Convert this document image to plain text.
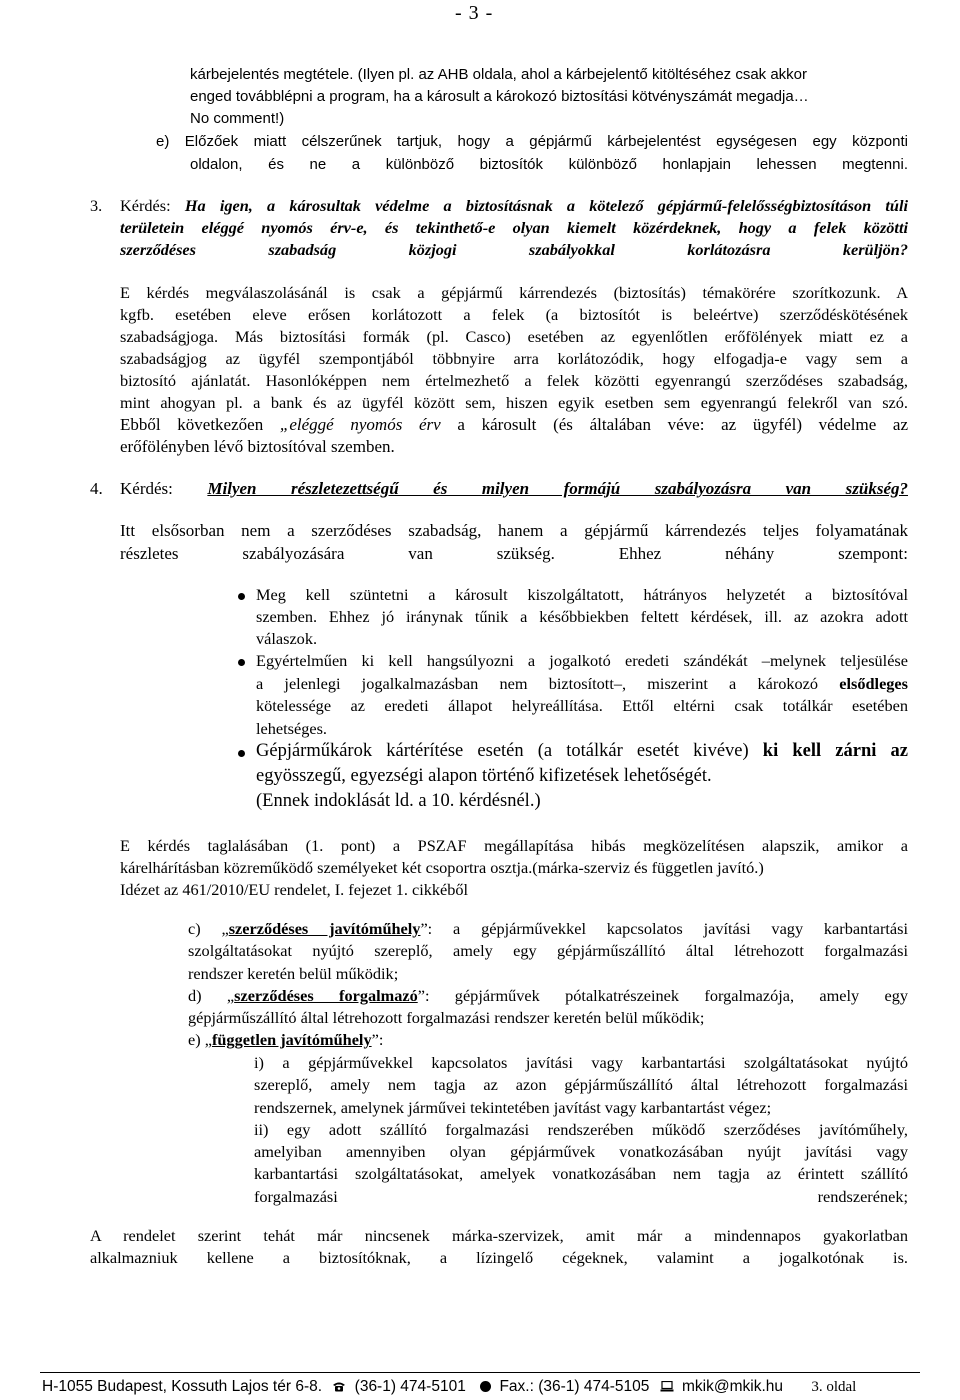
- 3 -
kárbejelentés megtétele. (Ilyen pl. az AHB oldala, ahol a kárbejelentő kitöltéséhez csak akkor
enged továbblépni a program, ha a károsult a károkozó biztosítási kötvényszámát megadja…
No comment!)
e) Előzőek miatt célszerűnek tartjuk, hogy a gépjármű kárbejelentést egységesen egy központi
oldalon, és ne a különböző biztosítók különböző honlapjain lehessen megtenni.
3. Kérdés: Ha igen, a károsultak védelme a biztosításnak a kötelező gépjármű-felelősségbiztosításon túli
területein eléggé nyomós érv-e, és tekinthető-e olyan kiemelt közérdeknek, hogy a felek közötti
szerződéses szabadság közjogi szabályokkal korlátozásra kerüljön?
E kérdés megválaszolásánál is csak a gépjármű kárrendezés (biztosítás) témakörére szorítkozunk. A
kgfb. esetében eleve erősen korlátozott a felek (a biztosítót is beleértve) szerződéskötésének
szabadságjoga. Más biztosítási formák (pl. Casco) esetében az egyenlőtlen erőfölények miatt ez a
szabadságjog az ügyfél szempontjából többnyire arra korlátozódik, hogy elfogadja-e vagy sem a
biztosító ajánlatát. Hasonlóképpen nem értelmezhető a felek közötti egyenrangú szerződéses szabadság,
mint ahogyan pl. a bank és az ügyfél között sem, hiszen egyik esetben sem egyenrangú felekről van szó.
Ebből következően „eléggé nyomós érv a károsult (és általában véve: az ügyfél) védelme az
erőfölényben lévő biztosítóval szemben.
4. Kérdés: Milyen részletezettségű és milyen formájú szabályozásra van szükség?
Itt elsősorban nem a szerződéses szabadság, hanem a gépjármű kárrendezés teljes folyamatának
részletes szabályozására van szükség. Ehhez néhány szempont:
Meg kell szüntetni a károsult kiszolgáltatott, hátrányos helyzetét a biztosítóval
szemben. Ehhez jó iránynak tűnik a későbbiekben feltett kérdések, ill. az azokra adott
válaszok.
Egyértelműen ki kell hangsúlyozni a jogalkotó eredeti szándékát –melynek teljesülése
a jelenlegi jogalkalmazásban nem biztosított–, miszerint a károkozó elsődleges
kötelessége az eredeti állapot helyreállítása. Ettől eltérni csak totálkár esetében
lehetséges.
Gépjárműkárok kártérítése esetén (a totálkár esetét kivéve) ki kell zárni az
egyösszegű, egyezségi alapon történő kifizetések lehetőségét.
(Ennek indoklását ld. a 10. kérdésnél.)
E kérdés taglalásában (1. pont) a PSZAF megállapítása hibás megközelítésen alapszik, amikor a
kárelhárításban közreműködő személyeket két csoportra osztja.(márka-szerviz és független javító.)
Idézet az 461/2010/EU rendelet, I. fejezet 1. cikkéből
c) „szerződéses javítóműhely”: a gépjárművekkel kapcsolatos javítási vagy karbantartási
szolgáltatásokat nyújtó szereplő, amely egy gépjárműszállító által létrehozott forgalmazási
rendszer keretén belül működik;
d) „szerződéses forgalmazó”: gépjárművek pótalkatrészeinek forgalmazója, amely egy
gépjárműszállító által létrehozott forgalmazási rendszer keretén belül működik;
e) „független javítóműhely”:
i) a gépjárművekkel kapcsolatos javítási vagy karbantartási szolgáltatásokat nyújtó
szereplő, amely nem tagja az azon gépjárműszállító által létrehozott forgalmazási
rendszernek, amelynek járművei tekintetében javítást vagy karbantartást végez;
ii) egy adott szállító forgalmazási rendszerében működő szerződéses javítóműhely,
amelyiban amennyiben olyan gépjárművek vonatkozásában nyújt javítási vagy
karbantartási szolgáltatásokat, amelyek vonatkozásában nem tagja az érintett szállító
forgalmazási rendszerének;
A rendelet szerint tehát már nincsenek márka-szervizek, amit már a mindennapos gyakorlatban
alkalmazniuk kellene a biztosítóknak, a lízingelő cégeknek, valamint a jogalkotónak is.
H-1055 Budapest, Kossuth Lajos tér 6-8. (36-1) 474-5101 Fax.: (36-1) 474-5105 mkik@mkik.hu 3. oldal
